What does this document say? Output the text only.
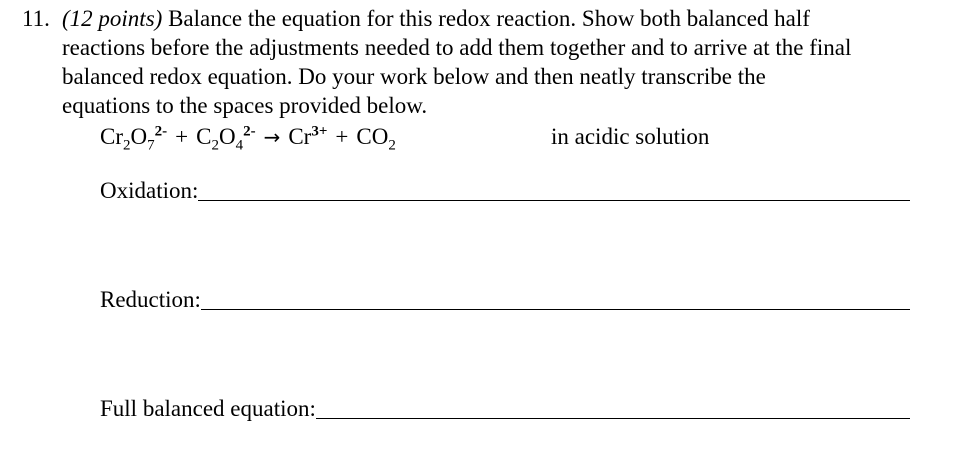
11. (12 points) Balance the equation for this redox reaction. Show both balanced half
reactions before the adjustments needed to add them together and to arrive at the final
balanced redox equation. Do your work below and then neatly transcribe the
equations to the spaces provided below.
$Cr_2O_7^{2-} + C_2O_4^{2-} \to Cr^{3+} + CO_2$	in acidic solution
Oxidation:
Reduction:
Full balanced equation:
